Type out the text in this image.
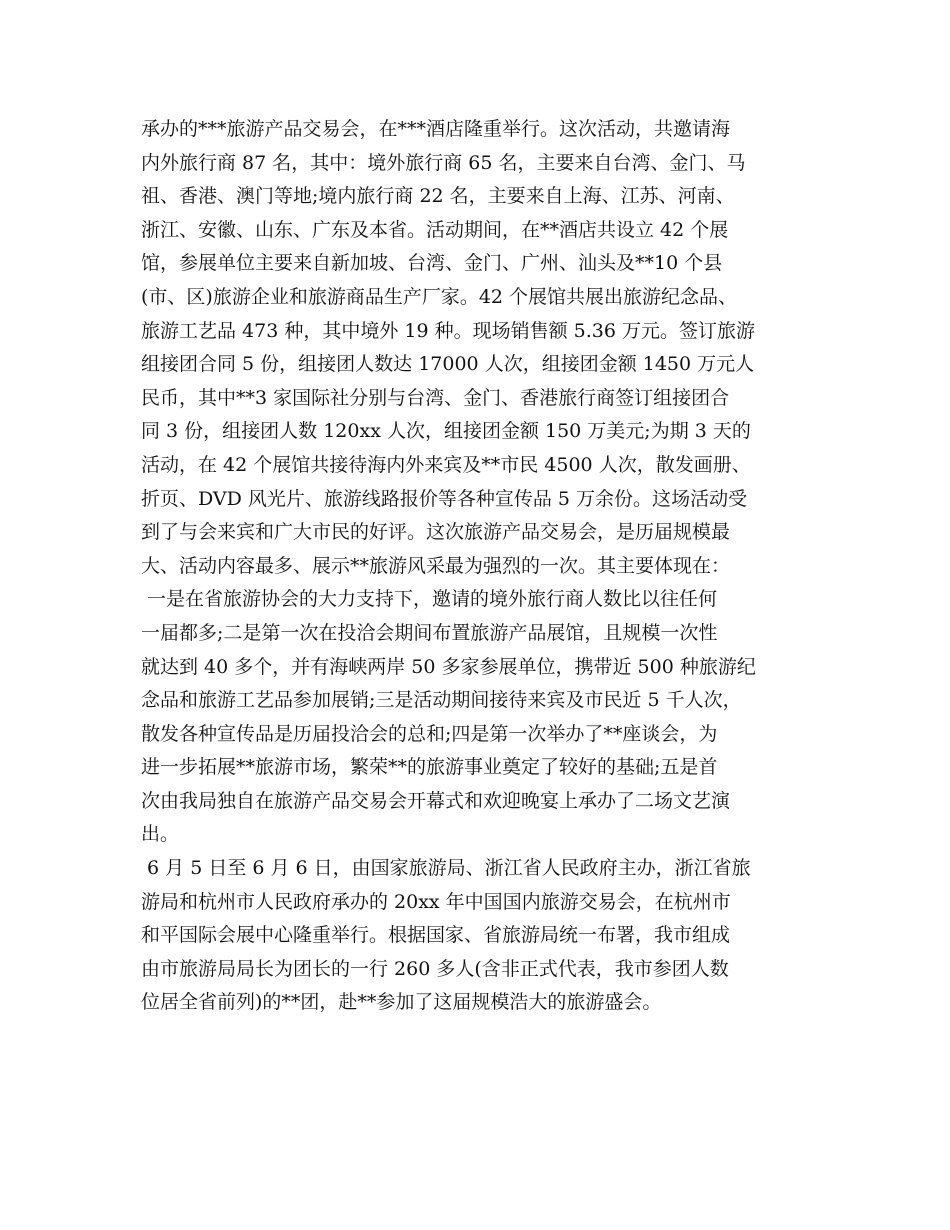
承办的***旅游产品交易会，在***酒店隆重举行。这次活动，共邀请海
内外旅行商 87 名，其中：境外旅行商 65 名，主要来自台湾、金门、马
祖、香港、澳门等地;境内旅行商 22 名，主要来自上海、江苏、河南、
浙江、安徽、山东、广东及本省。活动期间，在**酒店共设立 42 个展
馆，参展单位主要来自新加坡、台湾、金门、广州、汕头及**10 个县
(市、区)旅游企业和旅游商品生产厂家。42 个展馆共展出旅游纪念品、
旅游工艺品 473 种，其中境外 19 种。现场销售额 5.36 万元。签订旅游
组接团合同 5 份，组接团人数达 17000 人次，组接团金额 1450 万元人
民币，其中**3 家国际社分别与台湾、金门、香港旅行商签订组接团合
同 3 份，组接团人数 120xx 人次，组接团金额 150 万美元;为期 3 天的
活动，在 42 个展馆共接待海内外来宾及**市民 4500 人次，散发画册、
折页、DVD 风光片、旅游线路报价等各种宣传品 5 万余份。这场活动受
到了与会来宾和广大市民的好评。这次旅游产品交易会，是历届规模最
大、活动内容最多、展示**旅游风采最为强烈的一次。其主要体现在：
一是在省旅游协会的大力支持下，邀请的境外旅行商人数比以往任何
一届都多;二是第一次在投洽会期间布置旅游产品展馆，且规模一次性
就达到 40 多个，并有海峡两岸 50 多家参展单位，携带近 500 种旅游纪
念品和旅游工艺品参加展销;三是活动期间接待来宾及市民近 5 千人次，
散发各种宣传品是历届投洽会的总和;四是第一次举办了**座谈会，为
进一步拓展**旅游市场，繁荣**的旅游事业奠定了较好的基础;五是首
次由我局独自在旅游产品交易会开幕式和欢迎晚宴上承办了二场文艺演
出。
6 月 5 日至 6 月 6 日，由国家旅游局、浙江省人民政府主办，浙江省旅
游局和杭州市人民政府承办的 20xx 年中国国内旅游交易会，在杭州市
和平国际会展中心隆重举行。根据国家、省旅游局统一布署，我市组成
由市旅游局局长为团长的一行 260 多人(含非正式代表，我市参团人数
位居全省前列)的**团，赴**参加了这届规模浩大的旅游盛会。
